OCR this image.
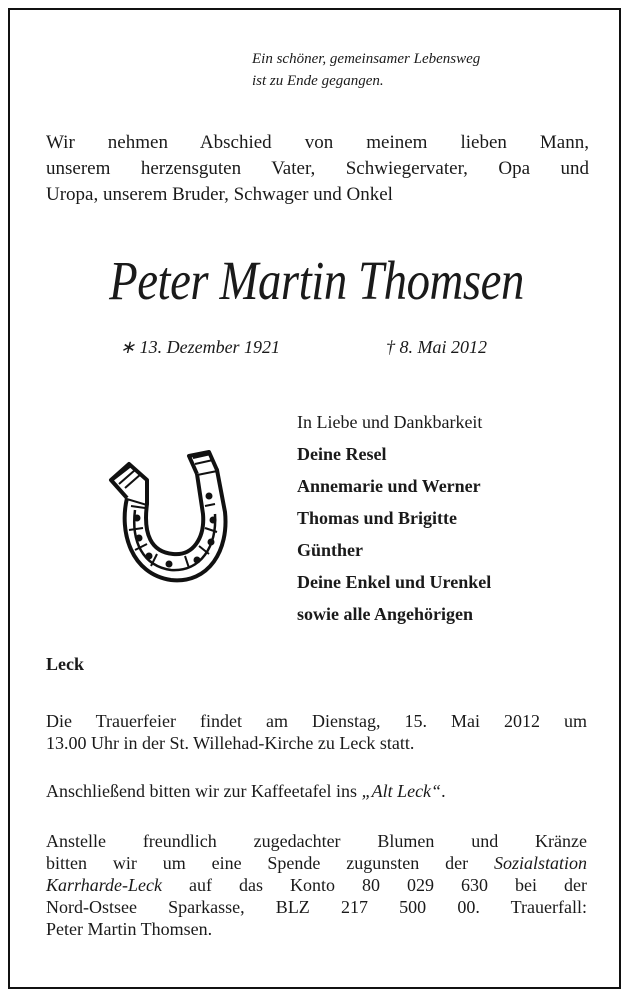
Ein schöner, gemeinsamer Lebensweg
ist zu Ende gegangen.
Wir nehmen Abschied von meinem lieben Mann,
unserem herzensguten Vater, Schwiegervater, Opa und
Uropa, unserem Bruder, Schwager und Onkel
Peter Martin Thomsen
∗ 13. Dezember 1921	† 8. Mai 2012
In Liebe und Dankbarkeit
Deine Resel
Annemarie und Werner
Thomas und Brigitte
Günther
Deine Enkel und Urenkel
sowie alle Angehörigen
Leck
Die Trauerfeier findet am Dienstag, 15. Mai 2012 um
13.00 Uhr in der St. Willehad-Kirche zu Leck statt.
Anschließend bitten wir zur Kaffeetafel ins „Alt Leck“.
Anstelle freundlich zugedachter Blumen und Kränze
bitten wir um eine Spende zugunsten der Sozialstation
Karrharde-Leck auf das Konto 80 029 630 bei der
Nord-Ostsee Sparkasse, BLZ 217 500 00. Trauerfall:
Peter Martin Thomsen.
